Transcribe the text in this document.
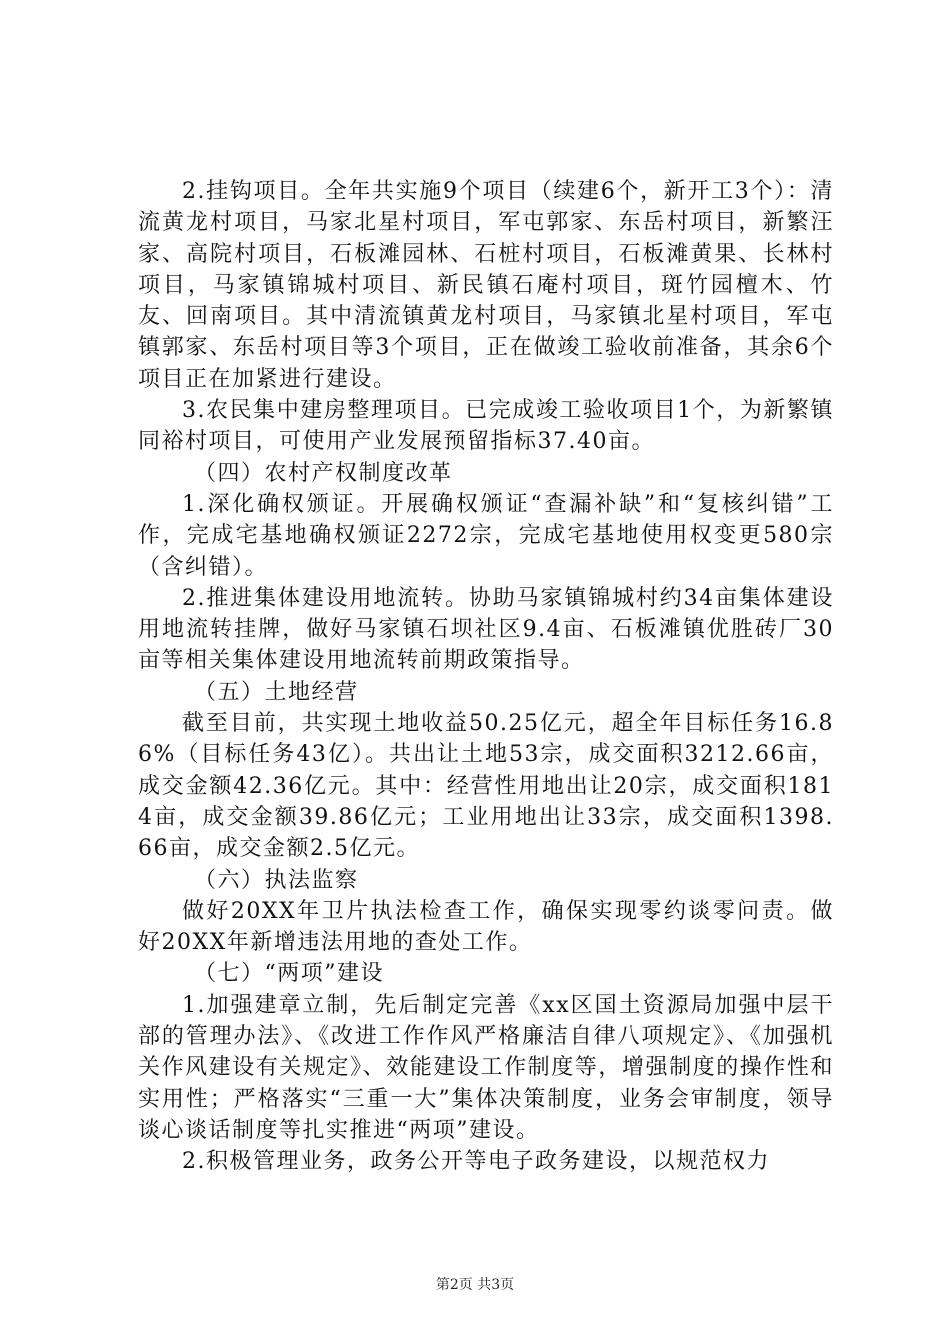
2.挂钩项目。全年共实施9个项目（续建6个，新开工3个）：清流黄龙村项目，马家北星村项目，军屯郭家、东岳村项目，新繁汪家、高院村项目，石板滩园林、石桩村项目，石板滩黄果、长林村项目，马家镇锦城村项目、新民镇石庵村项目，斑竹园檀木、竹友、回南项目。其中清流镇黄龙村项目，马家镇北星村项目，军屯镇郭家、东岳村项目等3个项目，正在做竣工验收前准备，其余6个项目正在加紧进行建设。

3.农民集中建房整理项目。已完成竣工验收项目1个，为新繁镇同裕村项目，可使用产业发展预留指标37.40亩。

（四）农村产权制度改革

1.深化确权颁证。开展确权颁证“查漏补缺”和“复核纠错”工作，完成宅基地确权颁证2272宗，完成宅基地使用权变更580宗（含纠错）。

2.推进集体建设用地流转。协助马家镇锦城村约34亩集体建设用地流转挂牌，做好马家镇石坝社区9.4亩、石板滩镇优胜砖厂30亩等相关集体建设用地流转前期政策指导。

（五）土地经营

截至目前，共实现土地收益50.25亿元，超全年目标任务16.86%（目标任务43亿）。共出让土地53宗，成交面积3212.66亩，成交金额42.36亿元。其中：经营性用地出让20宗，成交面积1814亩，成交金额39.86亿元；工业用地出让33宗，成交面积1398.66亩，成交金额2.5亿元。

（六）执法监察

做好20XX年卫片执法检查工作，确保实现零约谈零问责。做好20XX年新增违法用地的查处工作。

（七）“两项”建设

1.加强建章立制，先后制定完善《xx区国土资源局加强中层干部的管理办法》、《改进工作作风严格廉洁自律八项规定》、《加强机关作风建设有关规定》、效能建设工作制度等，增强制度的操作性和实用性；严格落实“三重一大”集体决策制度，业务会审制度，领导谈心谈话制度等扎实推进“两项”建设。

2.积极管理业务，政务公开等电子政务建设，以规范权力

第2页 共3页
